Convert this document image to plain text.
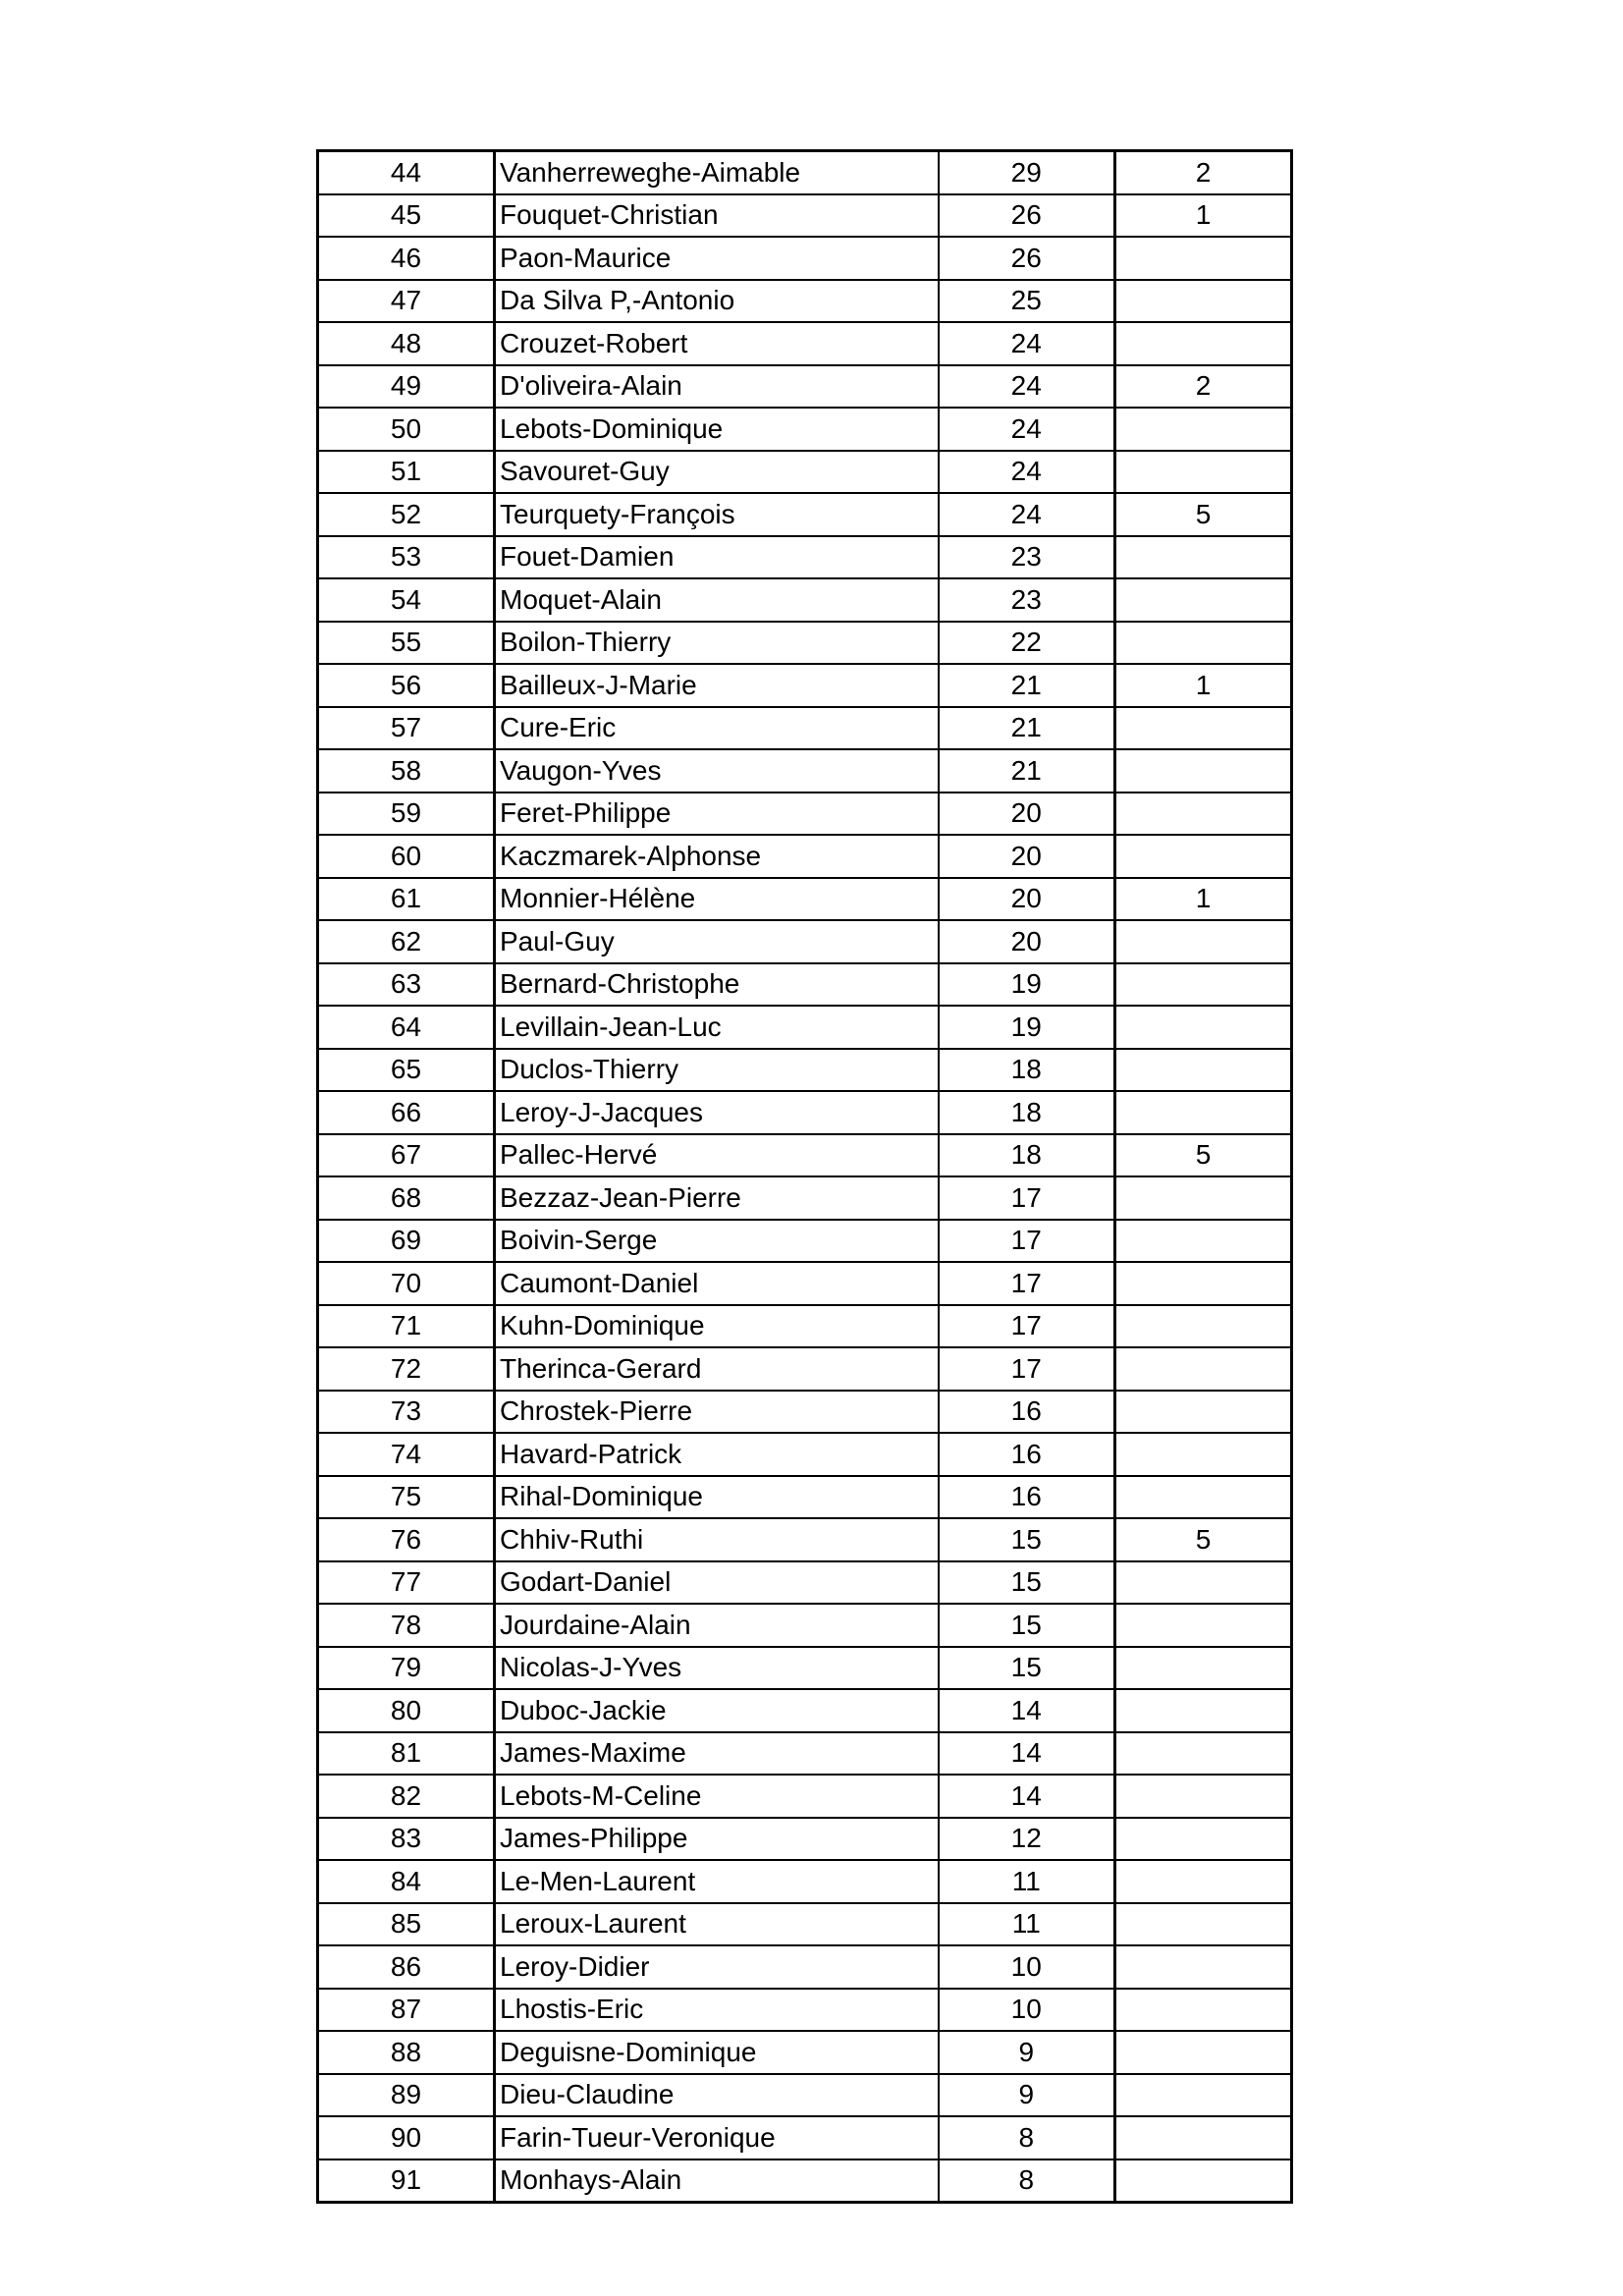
44	Vanherreweghe-Aimable	29	2
45	Fouquet-Christian	26	1
46	Paon-Maurice	26	
47	Da Silva P,-Antonio	25	
48	Crouzet-Robert	24	
49	D'oliveira-Alain	24	2
50	Lebots-Dominique	24	
51	Savouret-Guy	24	
52	Teurquety-François	24	5
53	Fouet-Damien	23	
54	Moquet-Alain	23	
55	Boilon-Thierry	22	
56	Bailleux-J-Marie	21	1
57	Cure-Eric	21	
58	Vaugon-Yves	21	
59	Feret-Philippe	20	
60	Kaczmarek-Alphonse	20	
61	Monnier-Hélène	20	1
62	Paul-Guy	20	
63	Bernard-Christophe	19	
64	Levillain-Jean-Luc	19	
65	Duclos-Thierry	18	
66	Leroy-J-Jacques	18	
67	Pallec-Hervé	18	5
68	Bezzaz-Jean-Pierre	17	
69	Boivin-Serge	17	
70	Caumont-Daniel	17	
71	Kuhn-Dominique	17	
72	Therinca-Gerard	17	
73	Chrostek-Pierre	16	
74	Havard-Patrick	16	
75	Rihal-Dominique	16	
76	Chhiv-Ruthi	15	5
77	Godart-Daniel	15	
78	Jourdaine-Alain	15	
79	Nicolas-J-Yves	15	
80	Duboc-Jackie	14	
81	James-Maxime	14	
82	Lebots-M-Celine	14	
83	James-Philippe	12	
84	Le-Men-Laurent	11	
85	Leroux-Laurent	11	
86	Leroy-Didier	10	
87	Lhostis-Eric	10	
88	Deguisne-Dominique	9	
89	Dieu-Claudine	9	
90	Farin-Tueur-Veronique	8	
91	Monhays-Alain	8	
